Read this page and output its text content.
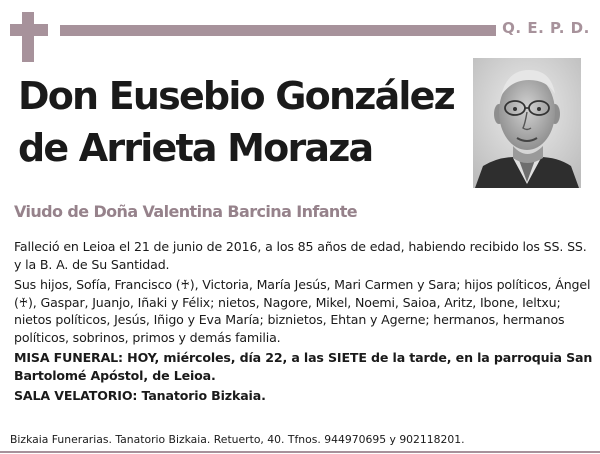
Q. E. P. D.
Don Eusebio González
de Arrieta Moraza
Viudo de Doña Valentina Barcina Infante

Falleció en Leioa el 21 de junio de 2016, a los 85 años de edad, habiendo recibido los SS. SS. y la B. A. de Su Santidad.

Sus hijos, Sofía, Francisco (♰), Victoria, María Jesús, Mari Carmen y Sara; hijos políticos, Ángel (♰), Gaspar, Juanjo, Iñaki y Félix; nietos, Nagore, Mikel, Noemi, Saioa, Aritz, Ibone, Ieltxu; nietos políticos, Jesús, Iñigo y Eva María; biznietos, Ehtan y Agerne; hermanos, hermanos políticos, sobrinos, primos y demás familia.

MISA FUNERAL: HOY, miércoles, día 22, a las SIETE de la tarde, en la parroquia San Bartolomé Apóstol, de Leioa.

SALA VELATORIO: Tanatorio Bizkaia.

Bizkaia Funerarias. Tanatorio Bizkaia. Retuerto, 40. Tfnos. 944970695 y 902118201.
